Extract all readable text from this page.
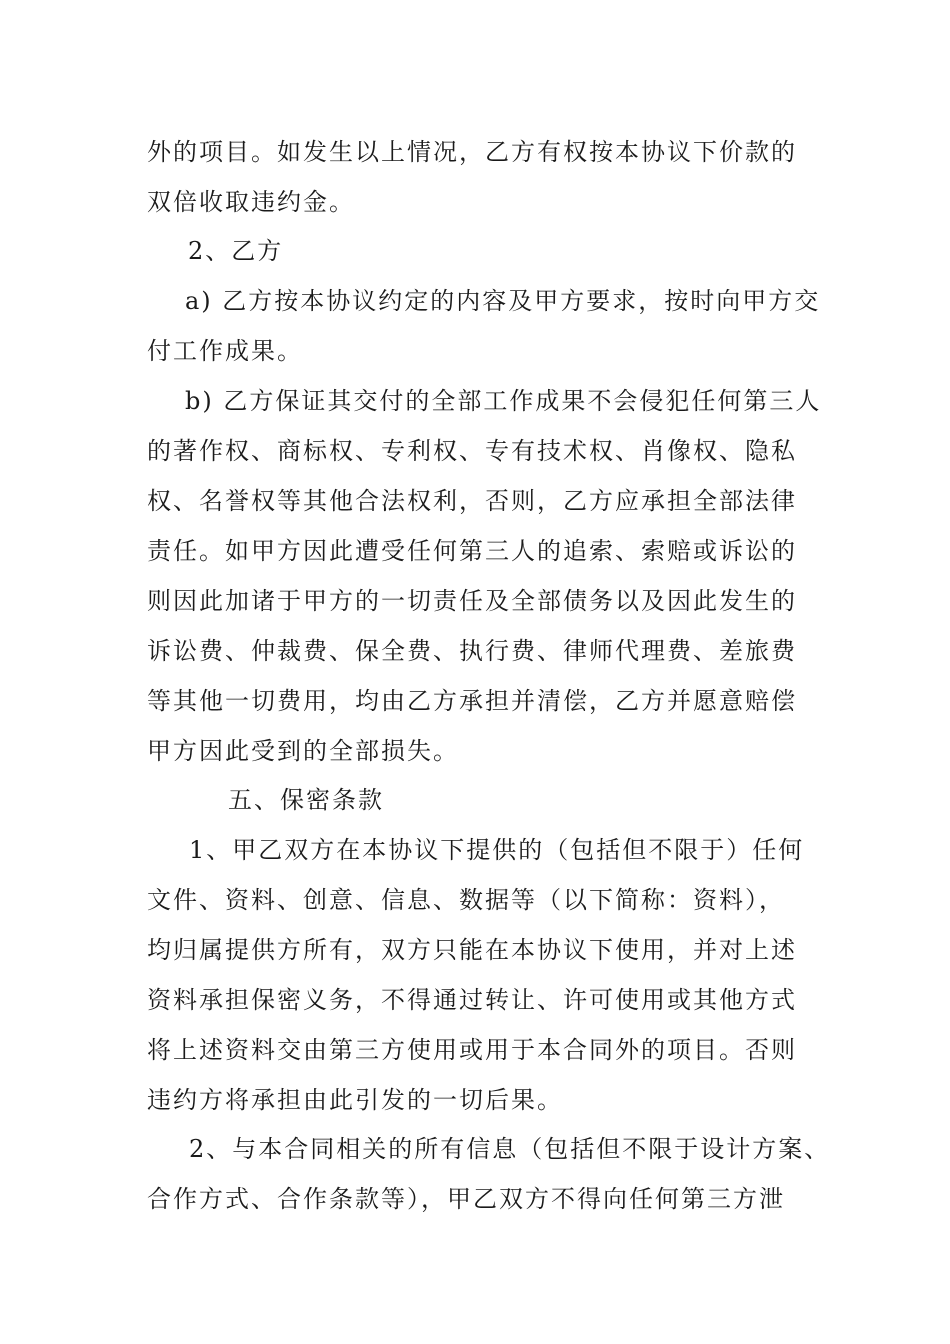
外的项目。如发生以上情况，乙方有权按本协议下价款的
双倍收取违约金。
2、乙方
a) 乙方按本协议约定的内容及甲方要求，按时向甲方交
付工作成果。
b) 乙方保证其交付的全部工作成果不会侵犯任何第三人
的著作权、商标权、专利权、专有技术权、肖像权、隐私
权、名誉权等其他合法权利，否则，乙方应承担全部法律
责任。如甲方因此遭受任何第三人的追索、索赔或诉讼的
则因此加诸于甲方的一切责任及全部债务以及因此发生的
诉讼费、仲裁费、保全费、执行费、律师代理费、差旅费
等其他一切费用，均由乙方承担并清偿，乙方并愿意赔偿
甲方因此受到的全部损失。
五、保密条款
1、甲乙双方在本协议下提供的（包括但不限于）任何
文件、资料、创意、信息、数据等（以下简称：资料），
均归属提供方所有，双方只能在本协议下使用，并对上述
资料承担保密义务，不得通过转让、许可使用或其他方式
将上述资料交由第三方使用或用于本合同外的项目。否则
违约方将承担由此引发的一切后果。
2、与本合同相关的所有信息（包括但不限于设计方案、
合作方式、合作条款等），甲乙双方不得向任何第三方泄
